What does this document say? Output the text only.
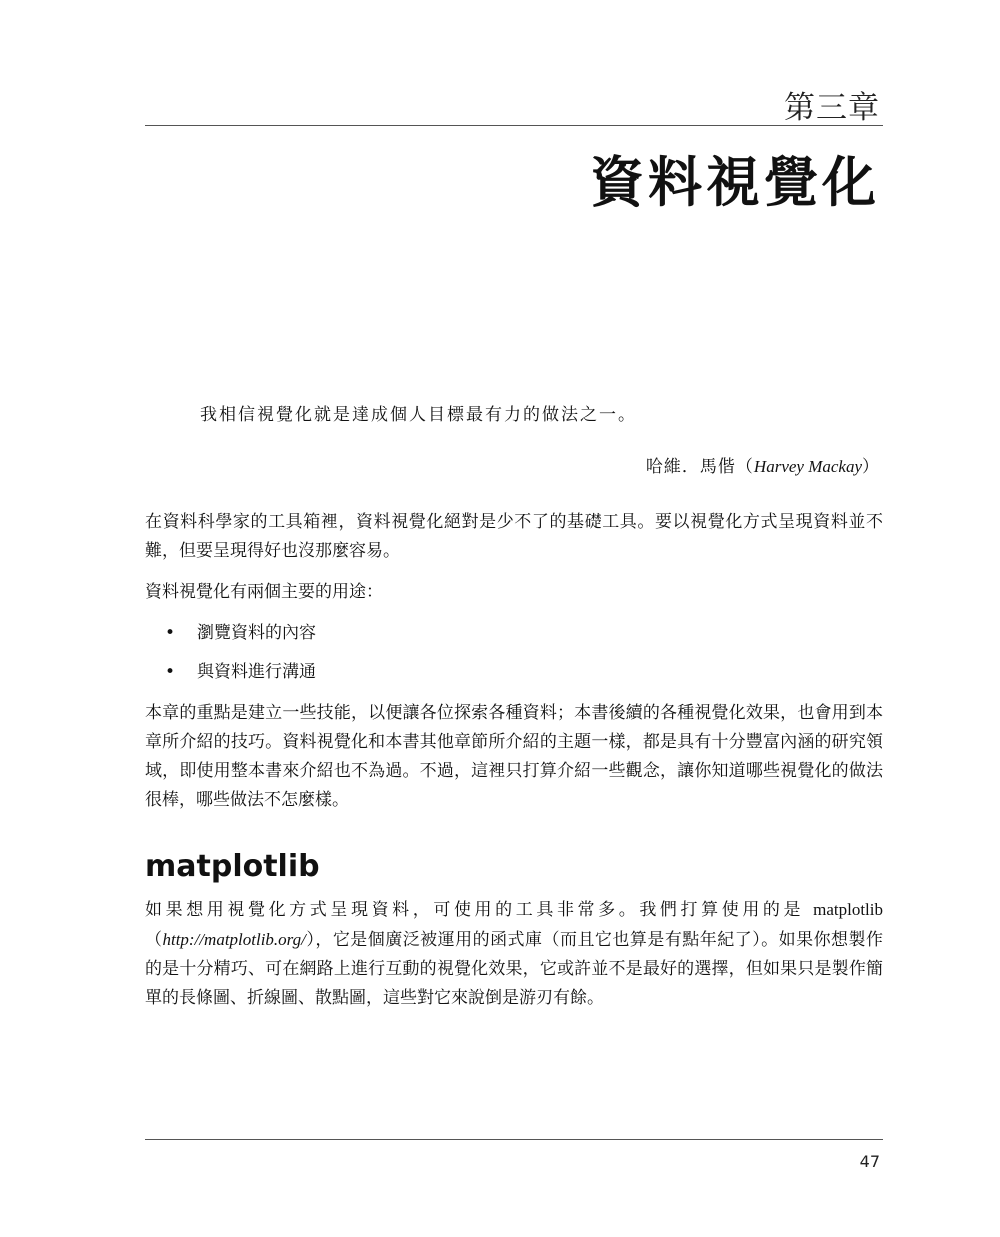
第三章
資料視覺化
我相信視覺化就是達成個人目標最有力的做法之一。
哈維．馬偕（Harvey Mackay）

在資料科學家的工具箱裡，資料視覺化絕對是少不了的基礎工具。要以視覺化方式呈現資料並不難，但要呈現得好也沒那麼容易。

資料視覺化有兩個主要的用途：

• 瀏覽資料的內容
• 與資料進行溝通

本章的重點是建立一些技能，以便讓各位探索各種資料；本書後續的各種視覺化效果，也會用到本章所介紹的技巧。資料視覺化和本書其他章節所介紹的主題一樣，都是具有十分豐富內涵的研究領域，即使用整本書來介紹也不為過。不過，這裡只打算介紹一些觀念，讓你知道哪些視覺化的做法很棒，哪些做法不怎麼樣。

matplotlib

如果想用視覺化方式呈現資料，可使用的工具非常多。我們打算使用的是 matplotlib（http://matplotlib.org/），它是個廣泛被運用的函式庫（而且它也算是有點年紀了）。如果你想製作的是十分精巧、可在網路上進行互動的視覺化效果，它或許並不是最好的選擇，但如果只是製作簡單的長條圖、折線圖、散點圖，這些對它來說倒是游刃有餘。

47
